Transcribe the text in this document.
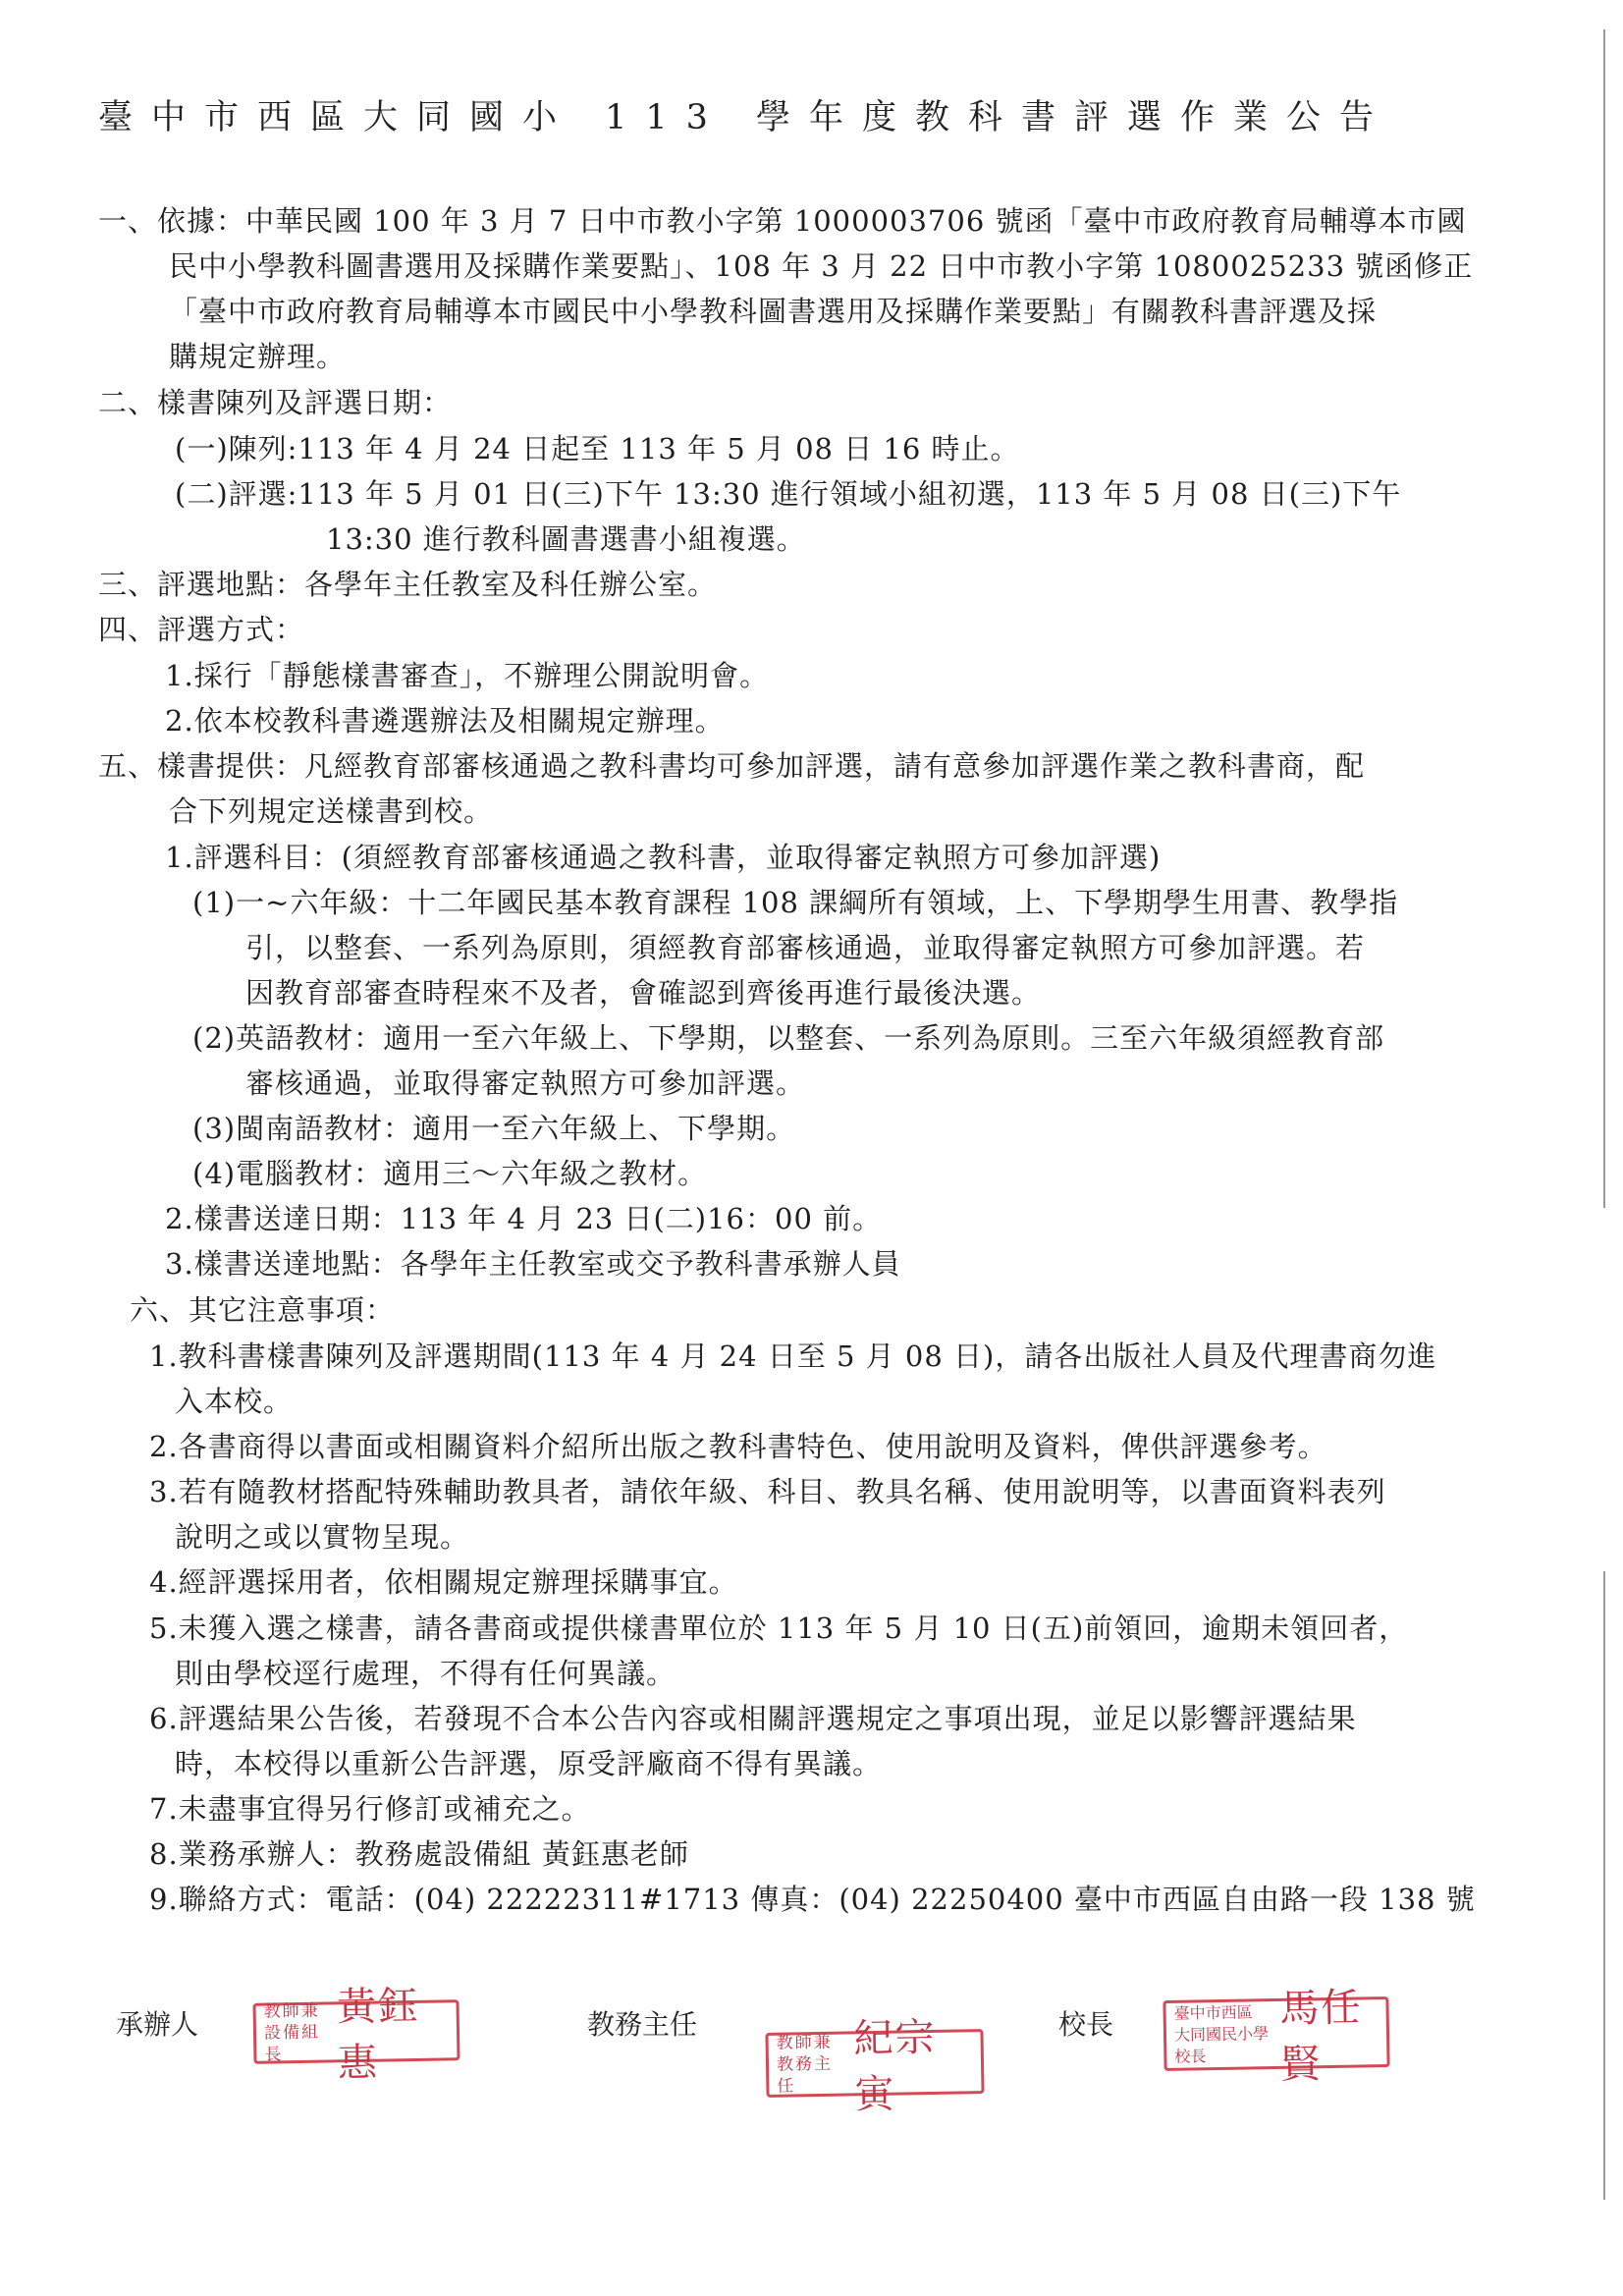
臺中市西區大同國小 113 學年度教科書評選作業公告
一、依據：中華民國 100 年 3 月 7 日中市教小字第 1000003706 號函「臺中市政府教育局輔導本市國
民中小學教科圖書選用及採購作業要點」、108 年 3 月 22 日中市教小字第 1080025233 號函修正
「臺中市政府教育局輔導本市國民中小學教科圖書選用及採購作業要點」有關教科書評選及採
購規定辦理。
二、樣書陳列及評選日期：
(一)陳列:113 年 4 月 24 日起至 113 年 5 月 08 日 16 時止。
(二)評選:113 年 5 月 01 日(三)下午 13:30 進行領域小組初選，113 年 5 月 08 日(三)下午
13:30 進行教科圖書選書小組複選。
三、評選地點：各學年主任教室及科任辦公室。
四、評選方式：
1.採行「靜態樣書審查」，不辦理公開說明會。
2.依本校教科書遴選辦法及相關規定辦理。
五、樣書提供：凡經教育部審核通過之教科書均可參加評選，請有意參加評選作業之教科書商，配
合下列規定送樣書到校。
1.評選科目：(須經教育部審核通過之教科書，並取得審定執照方可參加評選)
(1)一~六年級：十二年國民基本教育課程 108 課綱所有領域，上、下學期學生用書、教學指
引，以整套、一系列為原則，須經教育部審核通過，並取得審定執照方可參加評選。若
因教育部審查時程來不及者，會確認到齊後再進行最後決選。
(2)英語教材：適用一至六年級上、下學期，以整套、一系列為原則。三至六年級須經教育部
審核通過，並取得審定執照方可參加評選。
(3)閩南語教材：適用一至六年級上、下學期。
(4)電腦教材：適用三～六年級之教材。
2.樣書送達日期：113 年 4 月 23 日(二)16：00 前。
3.樣書送達地點：各學年主任教室或交予教科書承辦人員
六、其它注意事項：
1.教科書樣書陳列及評選期間(113 年 4 月 24 日至 5 月 08 日)，請各出版社人員及代理書商勿進
入本校。
2.各書商得以書面或相關資料介紹所出版之教科書特色、使用說明及資料，俾供評選參考。
3.若有隨教材搭配特殊輔助教具者，請依年級、科目、教具名稱、使用說明等，以書面資料表列
說明之或以實物呈現。
4.經評選採用者，依相關規定辦理採購事宜。
5.未獲入選之樣書，請各書商或提供樣書單位於 113 年 5 月 10 日(五)前領回，逾期未領回者，
則由學校逕行處理，不得有任何異議。
6.評選結果公告後，若發現不合本公告內容或相關評選規定之事項出現，並足以影響評選結果
時，本校得以重新公告評選，原受評廠商不得有異議。
7.未盡事宜得另行修訂或補充之。
8.業務承辦人：教務處設備組 黃鈺惠老師
9.聯絡方式：電話：(04) 22222311#1713 傳真：(04) 22250400 臺中市西區自由路一段 138 號
承辦人	教務主任	校長
教師兼
設備組長
黃鈺惠	教師兼
教務主任
紀宗寅
臺中市西區
大同國民小學校長
馬任賢
